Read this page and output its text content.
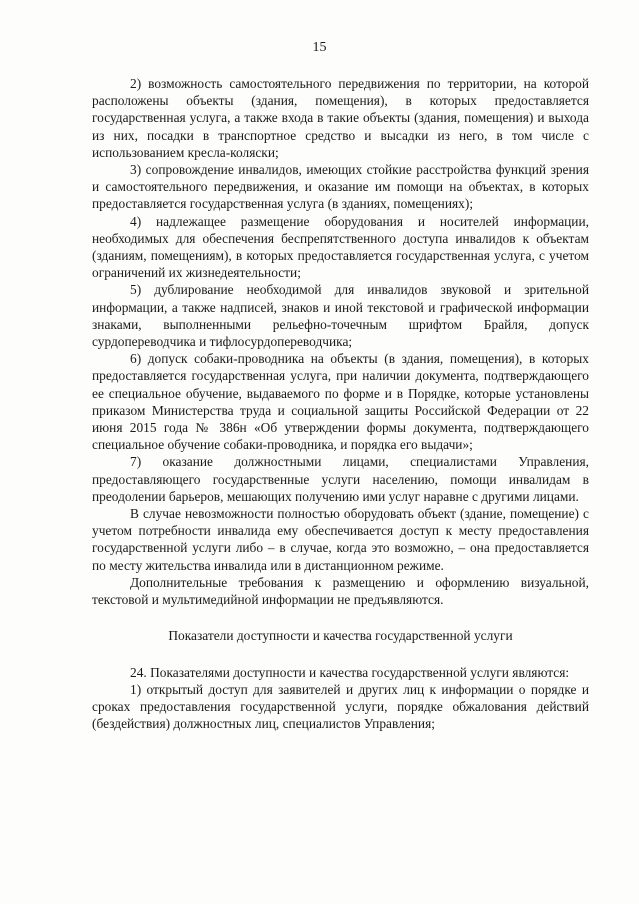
15

2) возможность самостоятельного передвижения по территории, на которой расположены объекты (здания, помещения), в которых предоставляется государственная услуга, а также входа в такие объекты (здания, помещения) и выхода из них, посадки в транспортное средство и высадки из него, в том числе с использованием кресла-коляски;

3) сопровождение инвалидов, имеющих стойкие расстройства функций зрения и самостоятельного передвижения, и оказание им помощи на объектах, в которых предоставляется государственная услуга (в зданиях, помещениях);

4) надлежащее размещение оборудования и носителей информации, необходимых для обеспечения беспрепятственного доступа инвалидов к объектам (зданиям, помещениям), в которых предоставляется государственная услуга, с учетом ограничений их жизнедеятельности;

5) дублирование необходимой для инвалидов звуковой и зрительной информации, а также надписей, знаков и иной текстовой и графической информации знаками, выполненными рельефно-точечным шрифтом Брайля, допуск сурдопереводчика и тифлосурдопереводчика;

6) допуск собаки-проводника на объекты (в здания, помещения), в которых предоставляется государственная услуга, при наличии документа, подтверждающего ее специальное обучение, выдаваемого по форме и в Порядке, которые установлены приказом Министерства труда и социальной защиты Российской Федерации от 22 июня 2015 года № 386н «Об утверждении формы документа, подтверждающего специальное обучение собаки-проводника, и порядка его выдачи»;

7) оказание должностными лицами, специалистами Управления, предоставляющего государственные услуги населению, помощи инвалидам в преодолении барьеров, мешающих получению ими услуг наравне с другими лицами.

В случае невозможности полностью оборудовать объект (здание, помещение) с учетом потребности инвалида ему обеспечивается доступ к месту предоставления государственной услуги либо – в случае, когда это возможно, – она предоставляется по месту жительства инвалида или в дистанционном режиме.

Дополнительные требования к размещению и оформлению визуальной, текстовой и мультимедийной информации не предъявляются.

Показатели доступности и качества государственной услуги

24. Показателями доступности и качества государственной услуги являются:

1) открытый доступ для заявителей и других лиц к информации о порядке и сроках предоставления государственной услуги, порядке обжалования действий (бездействия) должностных лиц, специалистов Управления;
